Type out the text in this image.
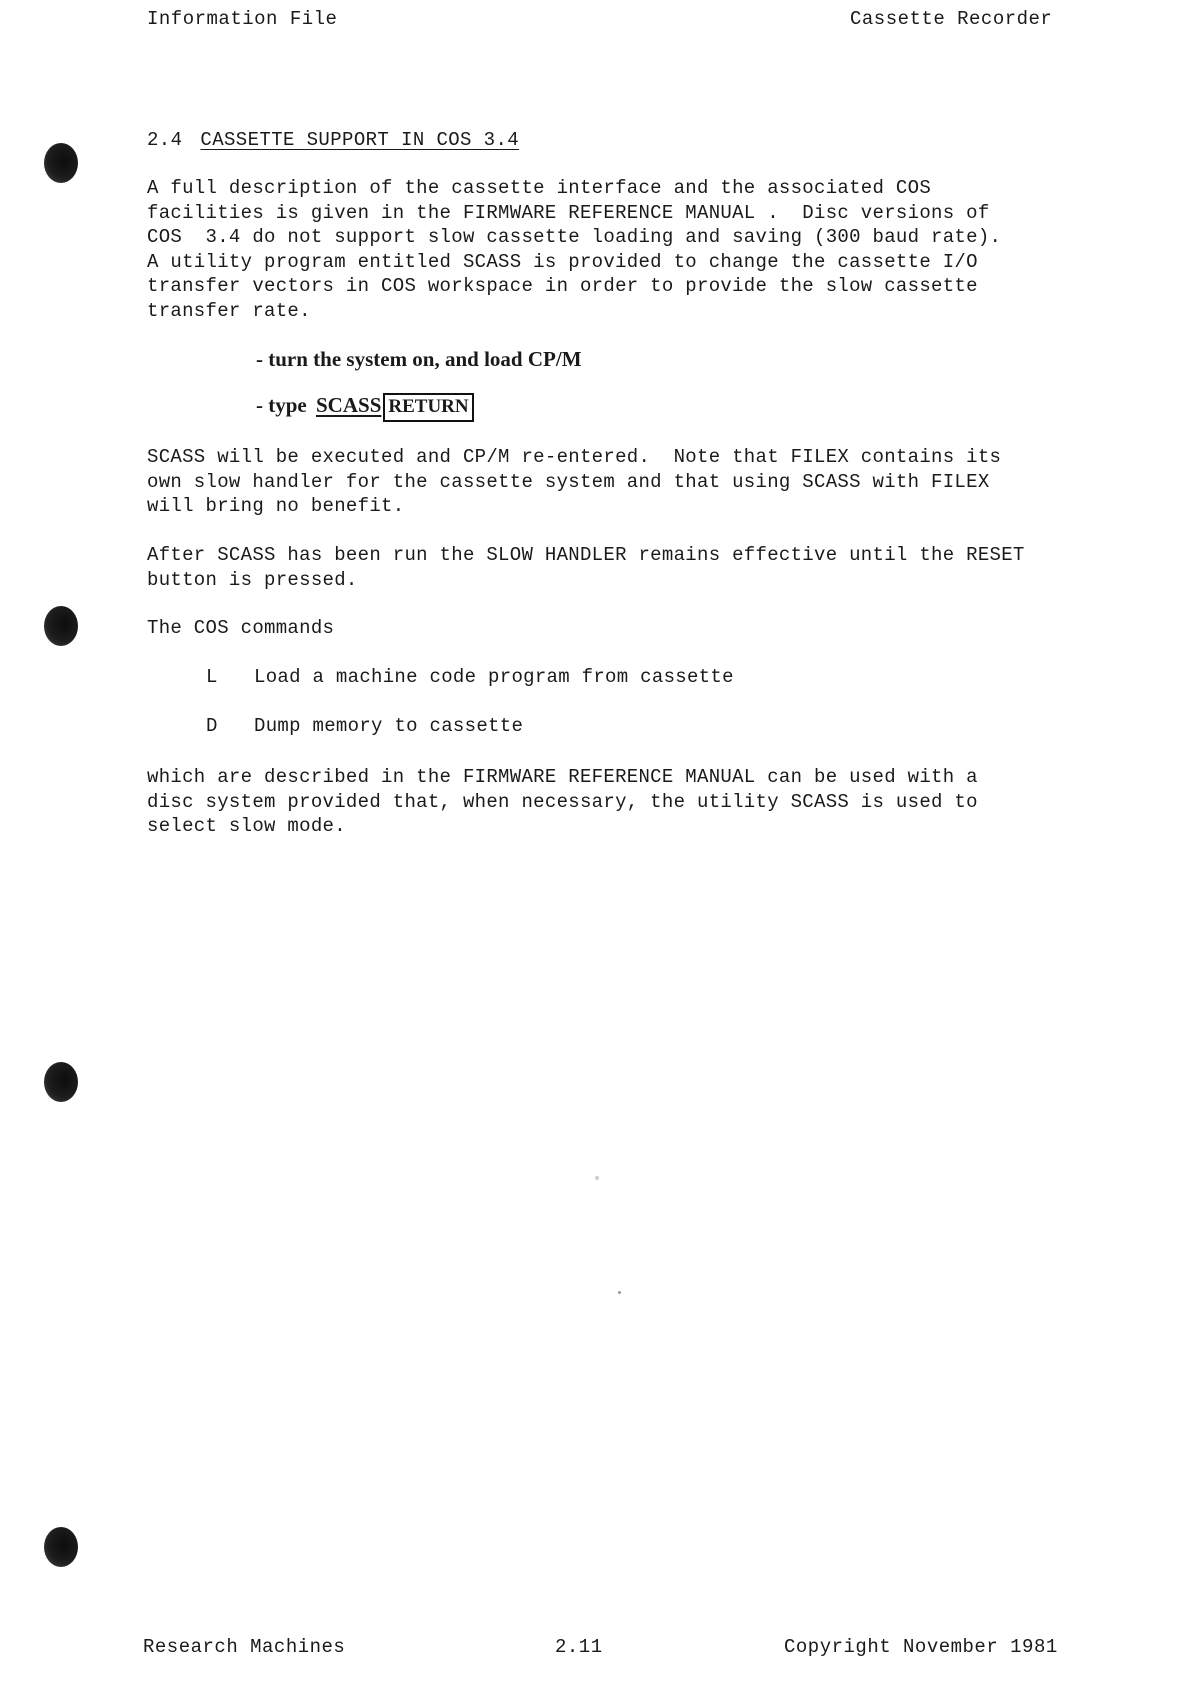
Information File	Cassette Recorder
2.4 CASSETTE SUPPORT IN COS 3.4
A full description of the cassette interface and the associated COS
facilities is given in the FIRMWARE REFERENCE MANUAL .  Disc versions of
COS  3.4 do not support slow cassette loading and saving (300 baud rate).
A utility program entitled SCASS is provided to change the cassette I/O
transfer vectors in COS workspace in order to provide the slow cassette
transfer rate.
- turn the system on, and load CP/M
- type SCASS RETURN
SCASS will be executed and CP/M re-entered.  Note that FILEX contains its
own slow handler for the cassette system and that using SCASS with FILEX
will bring no benefit.
After SCASS has been run the SLOW HANDLER remains effective until the RESET
button is pressed.
The COS commands
L Load a machine code program from cassette
D Dump memory to cassette
which are described in the FIRMWARE REFERENCE MANUAL can be used with a
disc system provided that, when necessary, the utility SCASS is used to
select slow mode.
Research Machines	2.11	Copyright November 1981
